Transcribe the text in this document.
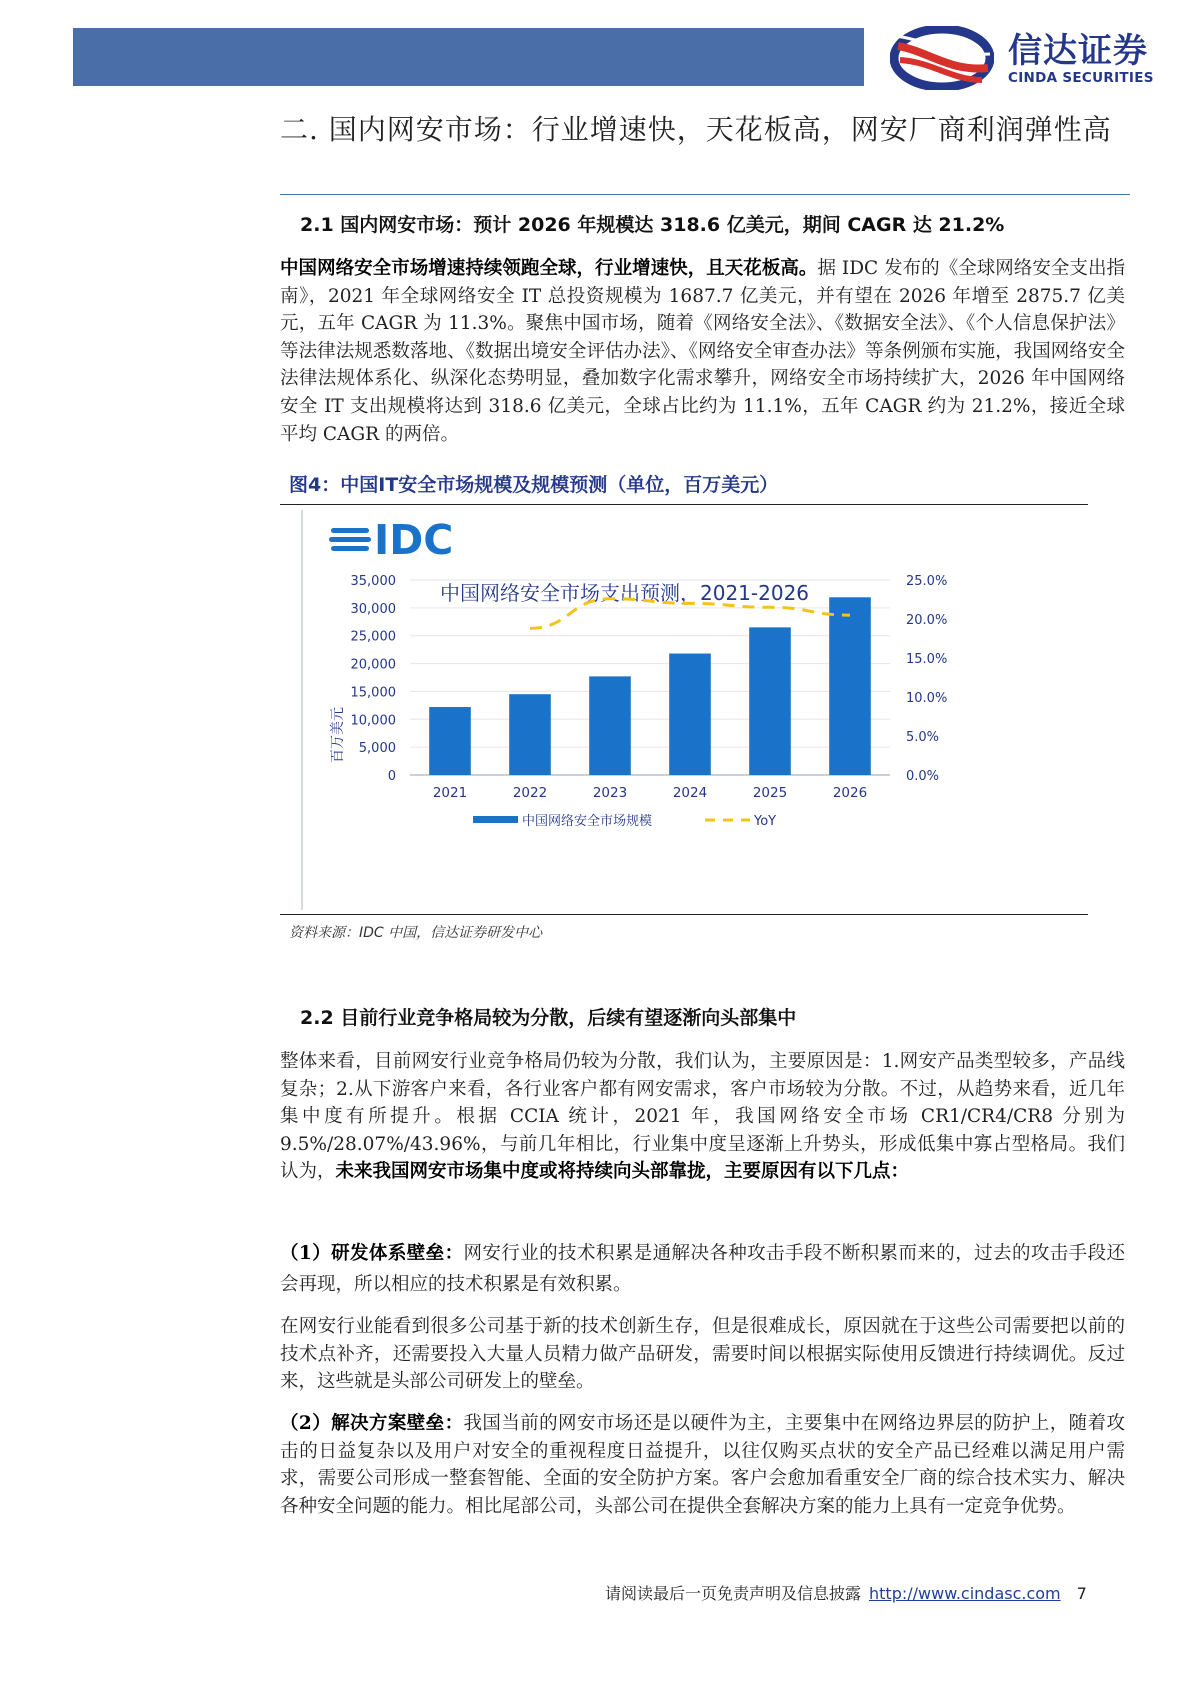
信达证券
CINDA SECURITIES
二. 国内网安市场：行业增速快，天花板高，网安厂商利润弹性高
2.1 国内网安市场：预计 2026 年规模达 318.6 亿美元，期间 CAGR 达 21.2%
中国网络安全市场增速持续领跑全球，行业增速快，且天花板高。据 IDC 发布的《全球网络安全支出指南》，2021 年全球网络安全 IT 总投资规模为 1687.7 亿美元，并有望在 2026 年增至 2875.7 亿美元，五年 CAGR 为 11.3%。聚焦中国市场，随着《网络安全法》、《数据安全法》、《个人信息保护法》等法律法规悉数落地、《数据出境安全评估办法》、《网络安全审查办法》等条例颁布实施，我国网络安全法律法规体系化、纵深化态势明显，叠加数字化需求攀升，网络安全市场持续扩大，2026 年中国网络安全 IT 支出规模将达到 318.6 亿美元，全球占比约为 11.1%，五年 CAGR 约为 21.2%，接近全球平均 CAGR 的两倍。
图4：中国IT安全市场规模及规模预测（单位，百万美元）
IDC
中国网络安全市场支出预测，2021-2026
百万美元
35,000
30,000
25,000
20,000
15,000
10,000
5,000
0
25.0%
20.0%
15.0%
10.0%
5.0%
0.0%
2021	2022	2023	2024	2025	2026
中国网络安全市场规模	YoY
资料来源：IDC 中国，信达证券研发中心
2.2 目前行业竞争格局较为分散，后续有望逐渐向头部集中
整体来看，目前网安行业竞争格局仍较为分散，我们认为，主要原因是：1.网安产品类型较多，产品线复杂；2.从下游客户来看，各行业客户都有网安需求，客户市场较为分散。不过，从趋势来看，近几年集中度有所提升。根据 CCIA 统计，2021 年，我国网络安全市场 CR1/CR4/CR8 分别为 9.5%/28.07%/43.96%，与前几年相比，行业集中度呈逐渐上升势头，形成低集中寡占型格局。我们认为，未来我国网安市场集中度或将持续向头部靠拢，主要原因有以下几点：
（1）研发体系壁垒：网安行业的技术积累是通解决各种攻击手段不断积累而来的，过去的攻击手段还会再现，所以相应的技术积累是有效积累。
在网安行业能看到很多公司基于新的技术创新生存，但是很难成长，原因就在于这些公司需要把以前的技术点补齐，还需要投入大量人员精力做产品研发，需要时间以根据实际使用反馈进行持续调优。反过来，这些就是头部公司研发上的壁垒。
（2）解决方案壁垒：我国当前的网安市场还是以硬件为主，主要集中在网络边界层的防护上，随着攻击的日益复杂以及用户对安全的重视程度日益提升，以往仅购买点状的安全产品已经难以满足用户需求，需要公司形成一整套智能、全面的安全防护方案。客户会愈加看重安全厂商的综合技术实力、解决各种安全问题的能力。相比尾部公司，头部公司在提供全套解决方案的能力上具有一定竞争优势。
请阅读最后一页免责声明及信息披露 http://www.cindasc.com 7
